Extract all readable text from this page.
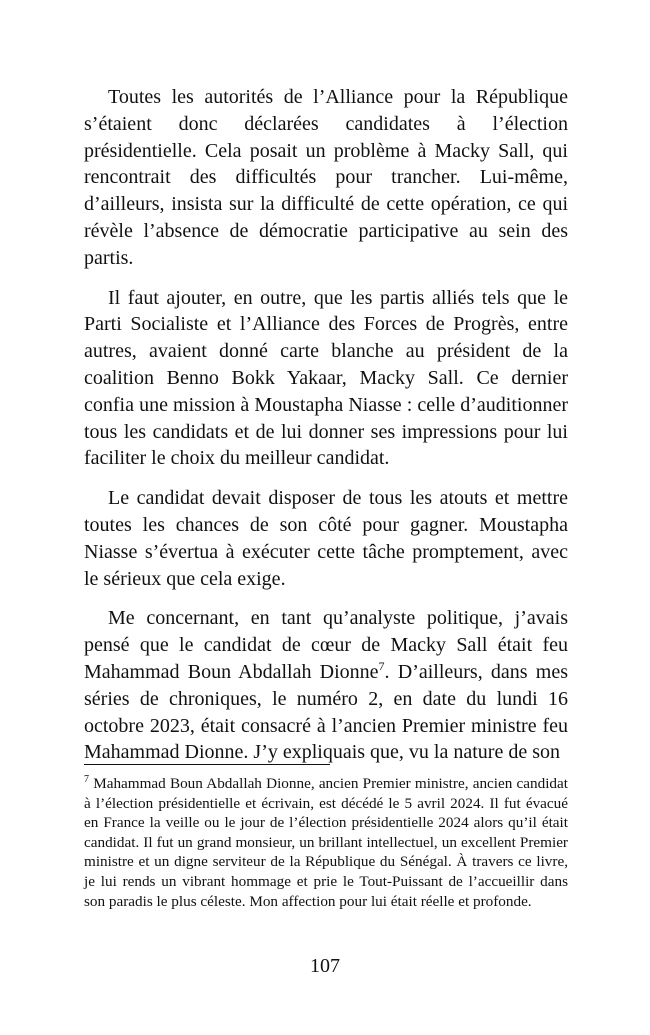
Toutes les autorités de l’Alliance pour la République s’étaient donc déclarées candidates à l’élection présidentielle. Cela posait un problème à Macky Sall, qui rencontrait des difficultés pour trancher. Lui-même, d’ailleurs, insista sur la difficulté de cette opération, ce qui révèle l’absence de démocratie participative au sein des partis.

Il faut ajouter, en outre, que les partis alliés tels que le Parti Socialiste et l’Alliance des Forces de Progrès, entre autres, avaient donné carte blanche au président de la coalition Benno Bokk Yakaar, Macky Sall. Ce dernier confia une mission à Moustapha Niasse : celle d’auditionner tous les candidats et de lui donner ses impressions pour lui faciliter le choix du meilleur candidat.

Le candidat devait disposer de tous les atouts et mettre toutes les chances de son côté pour gagner. Moustapha Niasse s’évertua à exécuter cette tâche promptement, avec le sérieux que cela exige.

Me concernant, en tant qu’analyste politique, j’avais pensé que le candidat de cœur de Macky Sall était feu Mahammad Boun Abdallah Dionne$^7$. D’ailleurs, dans mes séries de chroniques, le numéro 2, en date du lundi 16 octobre 2023, était consacré à l’ancien Premier ministre feu Mahammad Dionne. J’y expliquais que, vu la nature de son

$^7$ Mahammad Boun Abdallah Dionne, ancien Premier ministre, ancien candidat à l’élection présidentielle et écrivain, est décédé le 5 avril 2024. Il fut évacué en France la veille ou le jour de l’élection présidentielle 2024 alors qu’il était candidat. Il fut un grand monsieur, un brillant intellectuel, un excellent Premier ministre et un digne serviteur de la République du Sénégal. À travers ce livre, je lui rends un vibrant hommage et prie le Tout-Puissant de l’accueillir dans son paradis le plus céleste. Mon affection pour lui était réelle et profonde.

107
